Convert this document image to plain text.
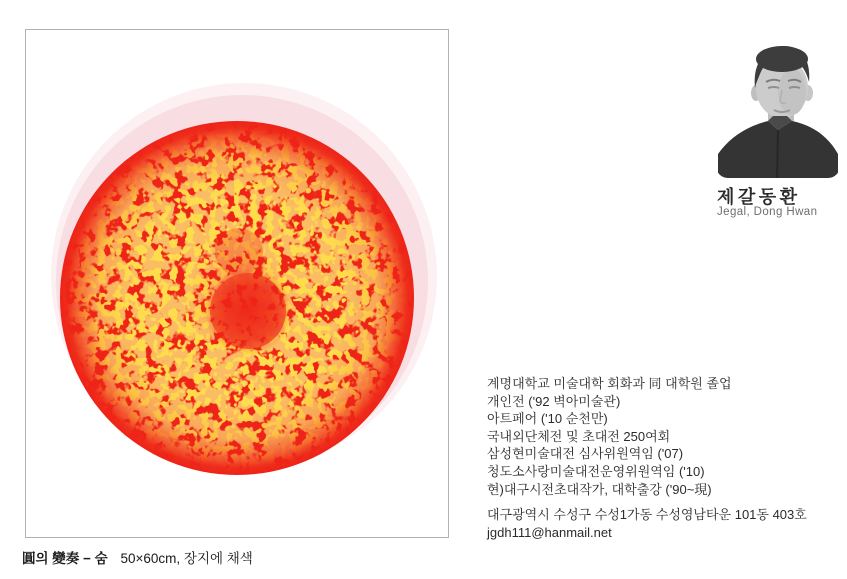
圓의 變奏 − 숨 50×60cm, 장지에 채색
제갈동환
Jegal, Dong Hwan
계명대학교 미술대학 회화과 同 대학원 졸업
개인전 ('92 벽아미술관)
아트페어 ('10 순천만)
국내외단체전 및 초대전 250여회
삼성현미술대전 심사위원역임 ('07)
청도소사랑미술대전운영위원역임 ('10)
현)대구시전초대작가, 대학출강 ('90~現)
대구광역시 수성구 수성1가동 수성영남타운 101동 403호
jgdh111@hanmail.net
